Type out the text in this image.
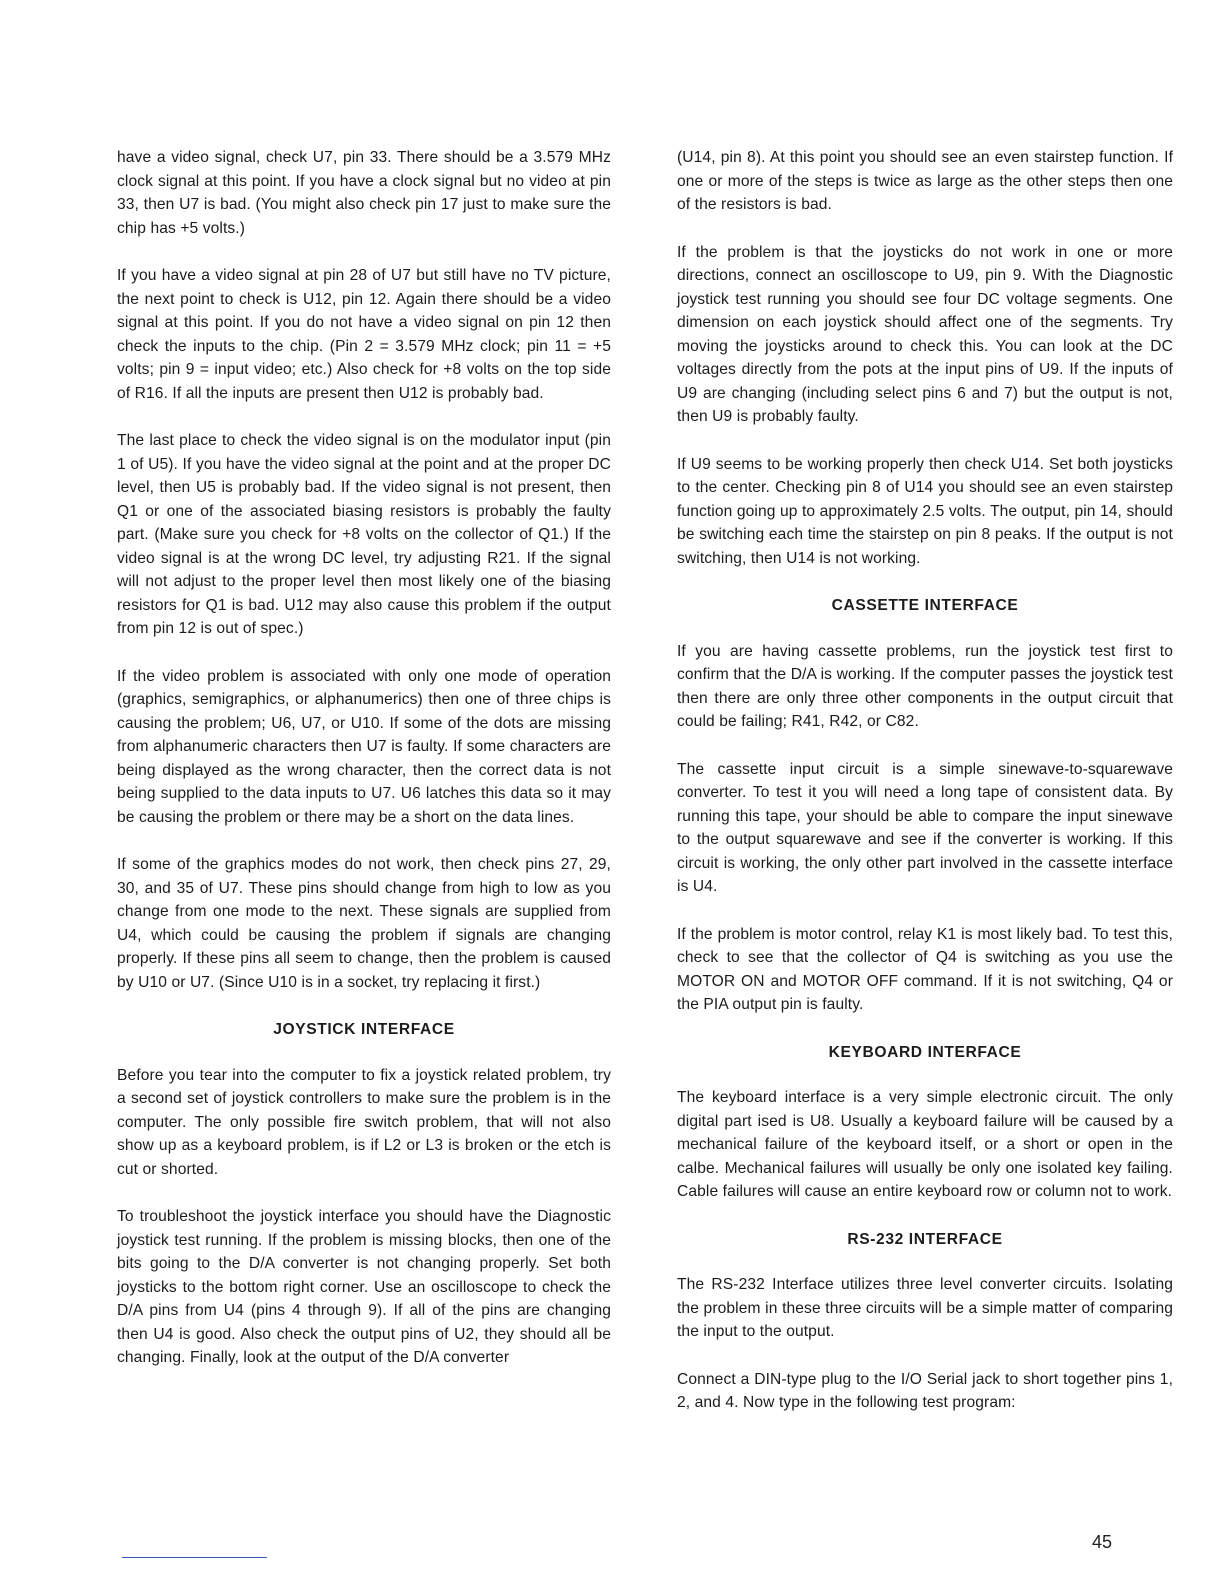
have a video signal, check U7, pin 33. There should be a 3.579 MHz clock signal at this point. If you have a clock signal but no video at pin 33, then U7 is bad. (You might also check pin 17 just to make sure the chip has +5 volts.)

If you have a video signal at pin 28 of U7 but still have no TV picture, the next point to check is U12, pin 12. Again there should be a video signal at this point. If you do not have a video signal on pin 12 then check the inputs to the chip. (Pin 2 = 3.579 MHz clock; pin 11 = +5 volts; pin 9 = input video; etc.) Also check for +8 volts on the top side of R16. If all the inputs are present then U12 is probably bad.

The last place to check the video signal is on the modulator input (pin 1 of U5). If you have the video signal at the point and at the proper DC level, then U5 is probably bad. If the video signal is not present, then Q1 or one of the associated biasing resistors is probably the faulty part. (Make sure you check for +8 volts on the collector of Q1.) If the video signal is at the wrong DC level, try adjusting R21. If the signal will not adjust to the proper level then most likely one of the biasing resistors for Q1 is bad. U12 may also cause this problem if the output from pin 12 is out of spec.)

If the video problem is associated with only one mode of operation (graphics, semigraphics, or alphanumerics) then one of three chips is causing the problem; U6, U7, or U10. If some of the dots are missing from alphanumeric characters then U7 is faulty. If some characters are being displayed as the wrong character, then the correct data is not being supplied to the data inputs to U7. U6 latches this data so it may be causing the problem or there may be a short on the data lines.

If some of the graphics modes do not work, then check pins 27, 29, 30, and 35 of U7. These pins should change from high to low as you change from one mode to the next. These signals are supplied from U4, which could be causing the problem if signals are changing properly. If these pins all seem to change, then the problem is caused by U10 or U7. (Since U10 is in a socket, try replacing it first.)

JOYSTICK INTERFACE

Before you tear into the computer to fix a joystick related problem, try a second set of joystick controllers to make sure the problem is in the computer. The only possible fire switch problem, that will not also show up as a keyboard problem, is if L2 or L3 is broken or the etch is cut or shorted.

To troubleshoot the joystick interface you should have the Diagnostic joystick test running. If the problem is missing blocks, then one of the bits going to the D/A converter is not changing properly. Set both joysticks to the bottom right corner. Use an oscilloscope to check the D/A pins from U4 (pins 4 through 9). If all of the pins are changing then U4 is good. Also check the output pins of U2, they should all be changing. Finally, look at the output of the D/A converter

(U14, pin 8). At this point you should see an even stairstep function. If one or more of the steps is twice as large as the other steps then one of the resistors is bad.

If the problem is that the joysticks do not work in one or more directions, connect an oscilloscope to U9, pin 9. With the Diagnostic joystick test running you should see four DC voltage segments. One dimension on each joystick should affect one of the segments. Try moving the joysticks around to check this. You can look at the DC voltages directly from the pots at the input pins of U9. If the inputs of U9 are changing (including select pins 6 and 7) but the output is not, then U9 is probably faulty.

If U9 seems to be working properly then check U14. Set both joysticks to the center. Checking pin 8 of U14 you should see an even stairstep function going up to approximately 2.5 volts. The output, pin 14, should be switching each time the stairstep on pin 8 peaks. If the output is not switching, then U14 is not working.

CASSETTE INTERFACE

If you are having cassette problems, run the joystick test first to confirm that the D/A is working. If the computer passes the joystick test then there are only three other components in the output circuit that could be failing; R41, R42, or C82.

The cassette input circuit is a simple sinewave-to-squarewave converter. To test it you will need a long tape of consistent data. By running this tape, your should be able to compare the input sinewave to the output squarewave and see if the converter is working. If this circuit is working, the only other part involved in the cassette interface is U4.

If the problem is motor control, relay K1 is most likely bad. To test this, check to see that the collector of Q4 is switching as you use the MOTOR ON and MOTOR OFF command. If it is not switching, Q4 or the PIA output pin is faulty.

KEYBOARD INTERFACE

The keyboard interface is a very simple electronic circuit. The only digital part ised is U8. Usually a keyboard failure will be caused by a mechanical failure of the keyboard itself, or a short or open in the calbe. Mechanical failures will usually be only one isolated key failing. Cable failures will cause an entire keyboard row or column not to work.

RS-232 INTERFACE

The RS-232 Interface utilizes three level converter circuits. Isolating the problem in these three circuits will be a simple matter of comparing the input to the output.

Connect a DIN-type plug to the I/O Serial jack to short together pins 1, 2, and 4. Now type in the following test program:

45
